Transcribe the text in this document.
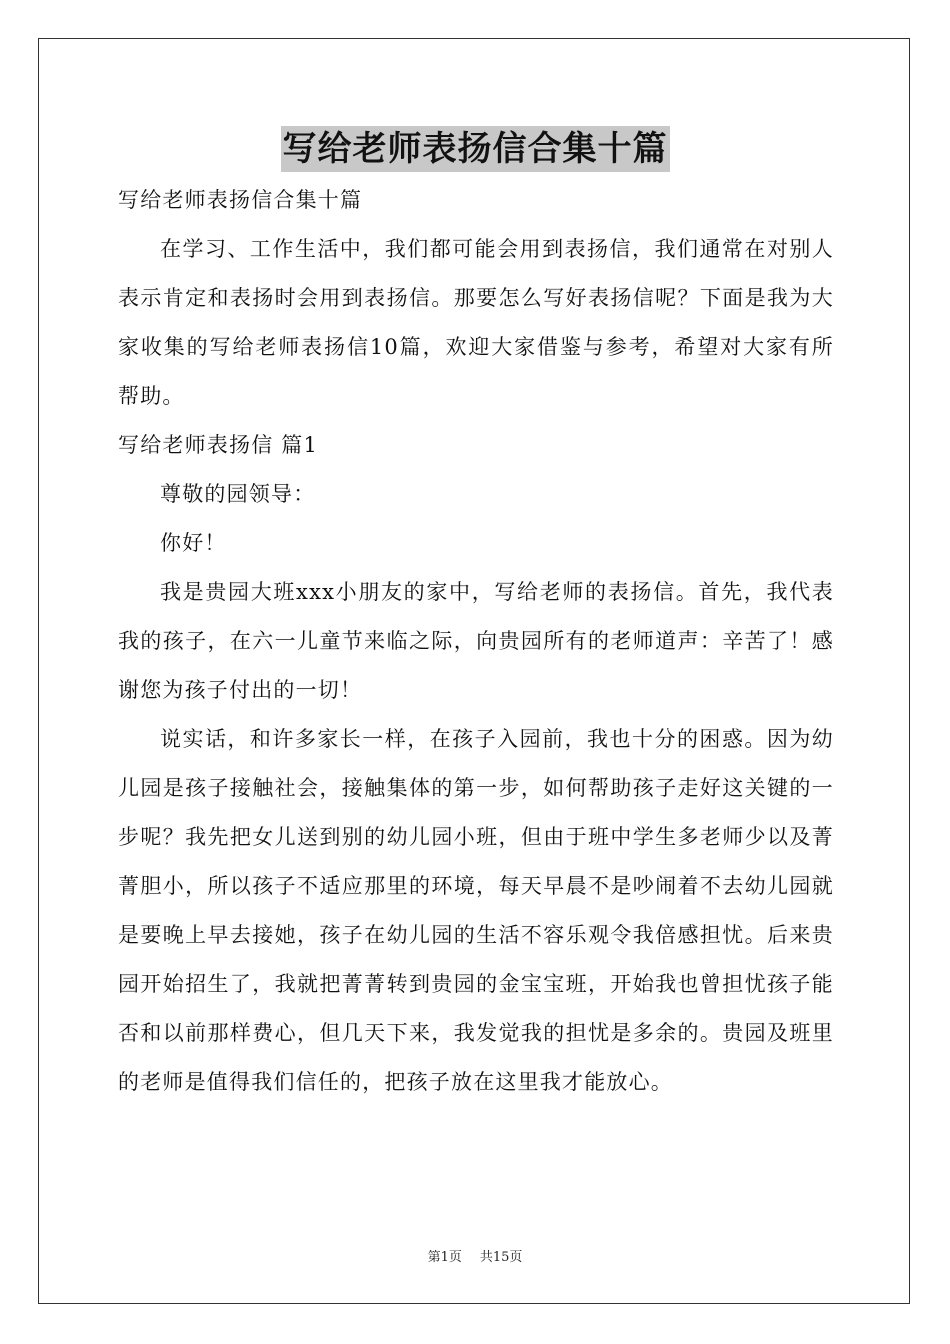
写给老师表扬信合集十篇

写给老师表扬信合集十篇

在学习、工作生活中，我们都可能会用到表扬信，我们通常在对别人表示肯定和表扬时会用到表扬信。那要怎么写好表扬信呢？下面是我为大家收集的写给老师表扬信10篇，欢迎大家借鉴与参考，希望对大家有所帮助。

写给老师表扬信 篇1

尊敬的园领导：

你好！

我是贵园大班xxx小朋友的家中，写给老师的表扬信。首先，我代表我的孩子，在六一儿童节来临之际，向贵园所有的老师道声：辛苦了！感谢您为孩子付出的一切！

说实话，和许多家长一样，在孩子入园前，我也十分的困惑。因为幼儿园是孩子接触社会，接触集体的第一步，如何帮助孩子走好这关键的一步呢？我先把女儿送到别的幼儿园小班，但由于班中学生多老师少以及菁菁胆小，所以孩子不适应那里的环境，每天早晨不是吵闹着不去幼儿园就是要晚上早去接她，孩子在幼儿园的生活不容乐观令我倍感担忧。后来贵园开始招生了，我就把菁菁转到贵园的金宝宝班，开始我也曾担忧孩子能否和以前那样费心，但几天下来，我发觉我的担忧是多余的。贵园及班里的老师是值得我们信任的，把孩子放在这里我才能放心。

第1页 共15页
